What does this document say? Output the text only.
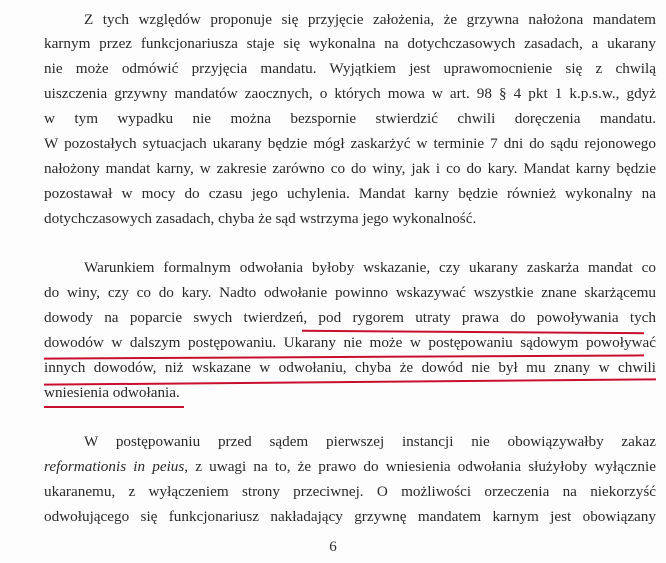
Z tych względów proponuje się przyjęcie założenia, że grzywna nałożona mandatem
karnym przez funkcjonariusza staje się wykonalna na dotychczasowych zasadach, a ukarany
nie może odmówić przyjęcia mandatu. Wyjątkiem jest uprawomocnienie się z chwilą
uiszczenia grzywny mandatów zaocznych, o których mowa w art. 98 § 4 pkt 1 k.p.s.w., gdyż
w tym wypadku nie można bezspornie stwierdzić chwili doręczenia mandatu.
W pozostałych sytuacjach ukarany będzie mógł zaskarżyć w terminie 7 dni do sądu rejonowego
nałożony mandat karny, w zakresie zarówno co do winy, jak i co do kary. Mandat karny będzie
pozostawał w mocy do czasu jego uchylenia. Mandat karny będzie również wykonalny na
dotychczasowych zasadach, chyba że sąd wstrzyma jego wykonalność.
Warunkiem formalnym odwołania byłoby wskazanie, czy ukarany zaskarża mandat co
do winy, czy co do kary. Nadto odwołanie powinno wskazywać wszystkie znane skarżącemu
dowody na poparcie swych twierdzeń, pod rygorem utraty prawa do powoływania tych
dowodów w dalszym postępowaniu. Ukarany nie może w postępowaniu sądowym powoływać
innych dowodów, niż wskazane w odwołaniu, chyba że dowód nie był mu znany w chwili
wniesienia odwołania.
W postępowaniu przed sądem pierwszej instancji nie obowiązywałby zakaz
reformationis in peius, z uwagi na to, że prawo do wniesienia odwołania służyłoby wyłącznie
ukaranemu, z wyłączeniem strony przeciwnej. O możliwości orzeczenia na niekorzyść
odwołującego się funkcjonariusz nakładający grzywnę mandatem karnym jest obowiązany
6
